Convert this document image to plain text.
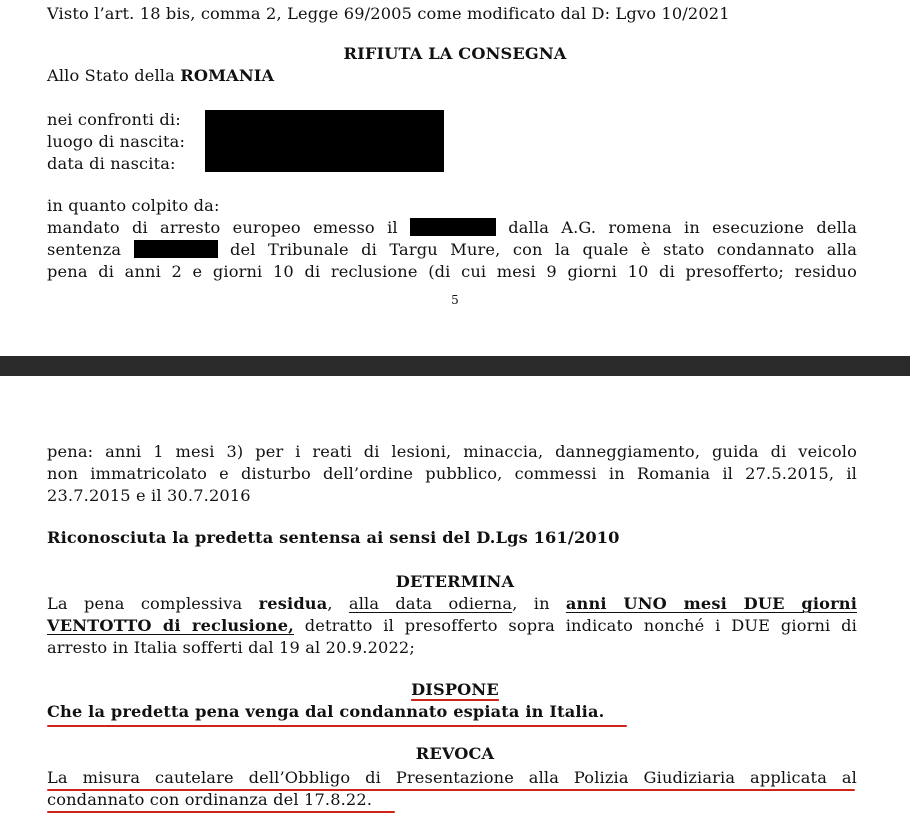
Visto l’art. 18 bis, comma 2, Legge 69/2005 come modificato dal D: Lgvo 10/2021
RIFIUTA LA CONSEGNA
Allo Stato della ROMANIA
nei confronti di:
luogo di nascita:
data di nascita:
in quanto colpito da:
mandato di arresto europeo emesso il	dalla A.G. romena in esecuzione della
sentenza	del Tribunale di Targu Mure, con la quale è stato condannato alla
pena di anni 2 e giorni 10 di reclusione (di cui mesi 9 giorni 10 di presofferto; residuo
5
pena: anni 1 mesi 3) per i reati di lesioni, minaccia, danneggiamento, guida di veicolo
non immatricolato e disturbo dell’ordine pubblico, commessi in Romania il 27.5.2015, il
23.7.2015 e il 30.7.2016
Riconosciuta la predetta sentensa ai sensi del D.Lgs 161/2010
DETERMINA
La pena complessiva residua, alla data odierna, in anni UNO mesi DUE giorni
VENTOTTO di reclusione, detratto il presofferto sopra indicato nonché i DUE giorni di
arresto in Italia sofferti dal 19 al 20.9.2022;
DISPONE
Che la predetta pena venga dal condannato espiata in Italia.
REVOCA
La misura cautelare dell’Obbligo di Presentazione alla Polizia Giudiziaria applicata al
condannato con ordinanza del 17.8.22.
